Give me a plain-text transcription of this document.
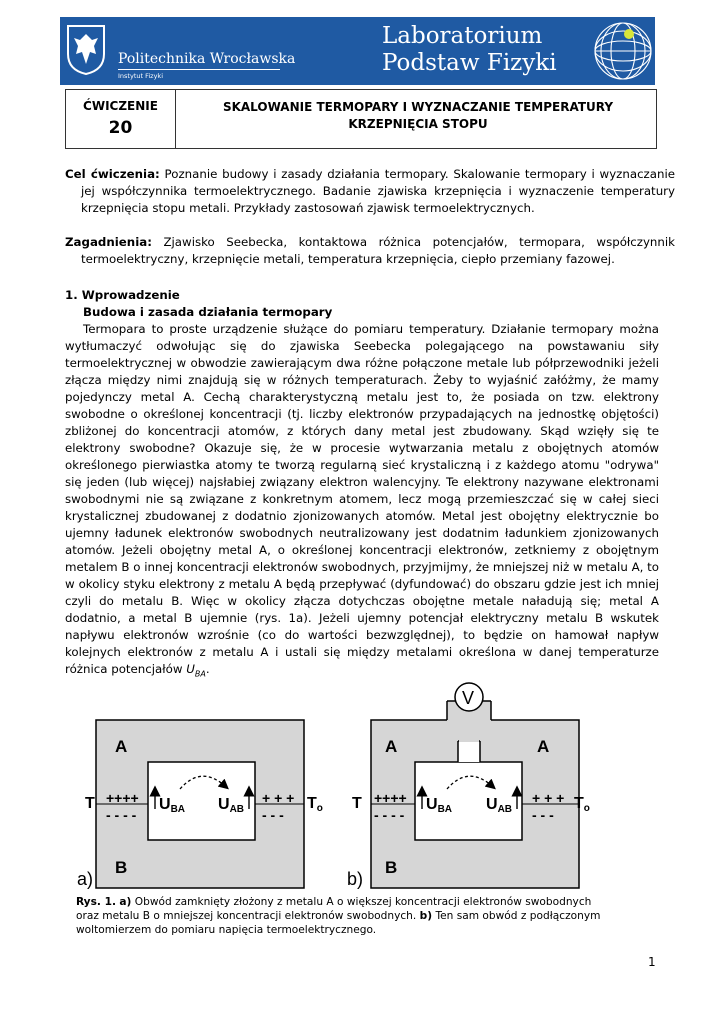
Politechnika Wrocławska
Instytut Fizyki
Laboratorium
Podstaw Fizyki
ĆWICZENIE
20
SKALOWANIE TERMOPARY I WYZNACZANIE TEMPERATURY KRZEPNIĘCIA STOPU
Cel ćwiczenia: Poznanie budowy i zasady działania termopary. Skalowanie termopary i wyznaczanie jej współczynnika termoelektrycznego. Badanie zjawiska krzepnięcia i wyznaczenie temperatury krzepnięcia stopu metali. Przykłady zastosowań zjawisk termoelektrycznych.
Zagadnienia: Zjawisko Seebecka, kontaktowa różnica potencjałów, termopara, współczynnik termoelektryczny, krzepnięcie metali, temperatura krzepnięcia, ciepło przemiany fazowej.
1. Wprowadzenie
Budowa i zasada działania termopary
Termopara to proste urządzenie służące do pomiaru temperatury. Działanie termopary można wytłumaczyć odwołując się do zjawiska Seebecka polegającego na powstawaniu siły termoelektrycznej w obwodzie zawierającym dwa różne połączone metale lub półprzewodniki jeżeli złącza między nimi znajdują się w różnych temperaturach. Żeby to wyjaśnić załóżmy, że mamy pojedynczy metal A. Cechą charakterystyczną metalu jest to, że posiada on tzw. elektrony swobodne o określonej koncentracji (tj. liczby elektronów przypadających na jednostkę objętości) zbliżonej do koncentracji atomów, z których dany metal jest zbudowany. Skąd wzięły się te elektrony swobodne? Okazuje się, że w procesie wytwarzania metalu z obojętnych atomów określonego pierwiastka atomy te tworzą regularną sieć krystaliczną i z każdego atomu "odrywa" się jeden (lub więcej) najsłabiej związany elektron walencyjny. Te elektrony nazywane elektronami swobodnymi nie są związane z konkretnym atomem, lecz mogą przemieszczać się w całej sieci krystalicznej zbudowanej z dodatnio zjonizowanych atomów. Metal jest obojętny elektrycznie bo ujemny ładunek elektronów swobodnych neutralizowany jest dodatnim ładunkiem zjonizowanych atomów. Jeżeli obojętny metal A, o określonej koncentracji elektronów, zetkniemy z obojętnym metalem B o innej koncentracji elektronów swobodnych, przyjmijmy, że mniejszej niż w metalu A, to w okolicy styku elektrony z metalu A będą przepływać (dyfundować) do obszaru gdzie jest ich mniej czyli do metalu B. Więc w okolicy złącza dotychczas obojętne metale naładują się; metal A dodatnio, a metal B ujemnie (rys. 1a). Jeżeli ujemny potencjał elektryczny metalu B wskutek napływu elektronów wzrośnie (co do wartości bezwzględnej), to będzie on hamował napływ kolejnych elektronów z metalu A i ustali się między metalami określona w danej temperaturze różnica potencjałów $U_{BA}$.
A
B
T ++++
- - - -
+ + +
- - -
To
UBA UAB
a)
V
A	A
B
T ++++
- - - -
+ + +
- - -
To
UBA UAB
b)
Rys. 1. a) Obwód zamknięty złożony z metalu A o większej koncentracji elektronów swobodnych oraz metalu B o mniejszej koncentracji elektronów swobodnych. b) Ten sam obwód z podłączonym woltomierzem do pomiaru napięcia termoelektrycznego.
1
